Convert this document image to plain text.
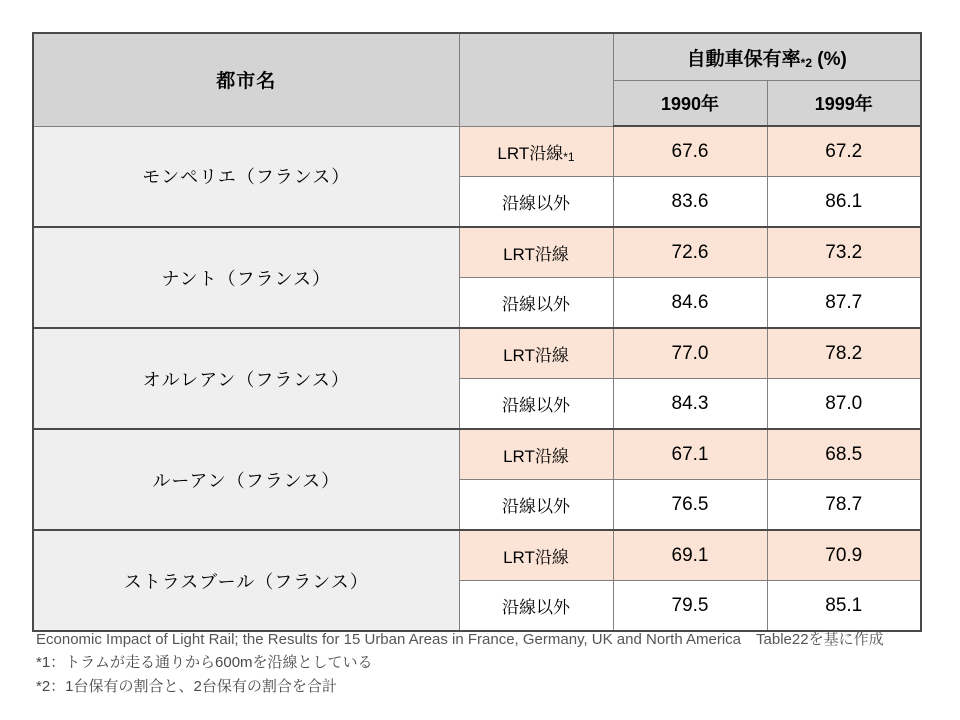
都市名		自動車保有率*2 (%)	
		1990年	1999年
モンペリエ（フランス）	LRT沿線*1	67.6	67.2
	沿線以外	83.6	86.1
ナント（フランス）	LRT沿線	72.6	73.2
	沿線以外	84.6	87.7
オルレアン（フランス）	LRT沿線	77.0	78.2
	沿線以外	84.3	87.0
ルーアン（フランス）	LRT沿線	67.1	68.5
	沿線以外	76.5	78.7
ストラスブール（フランス）	LRT沿線	69.1	70.9
	沿線以外	79.5	85.1
Economic Impact of Light Rail; the Results for 15 Urban Areas in France, Germany, UK and North America　Table22を基に作成
*1：トラムが走る通りから600mを沿線としている
*2：1台保有の割合と、2台保有の割合を合計
